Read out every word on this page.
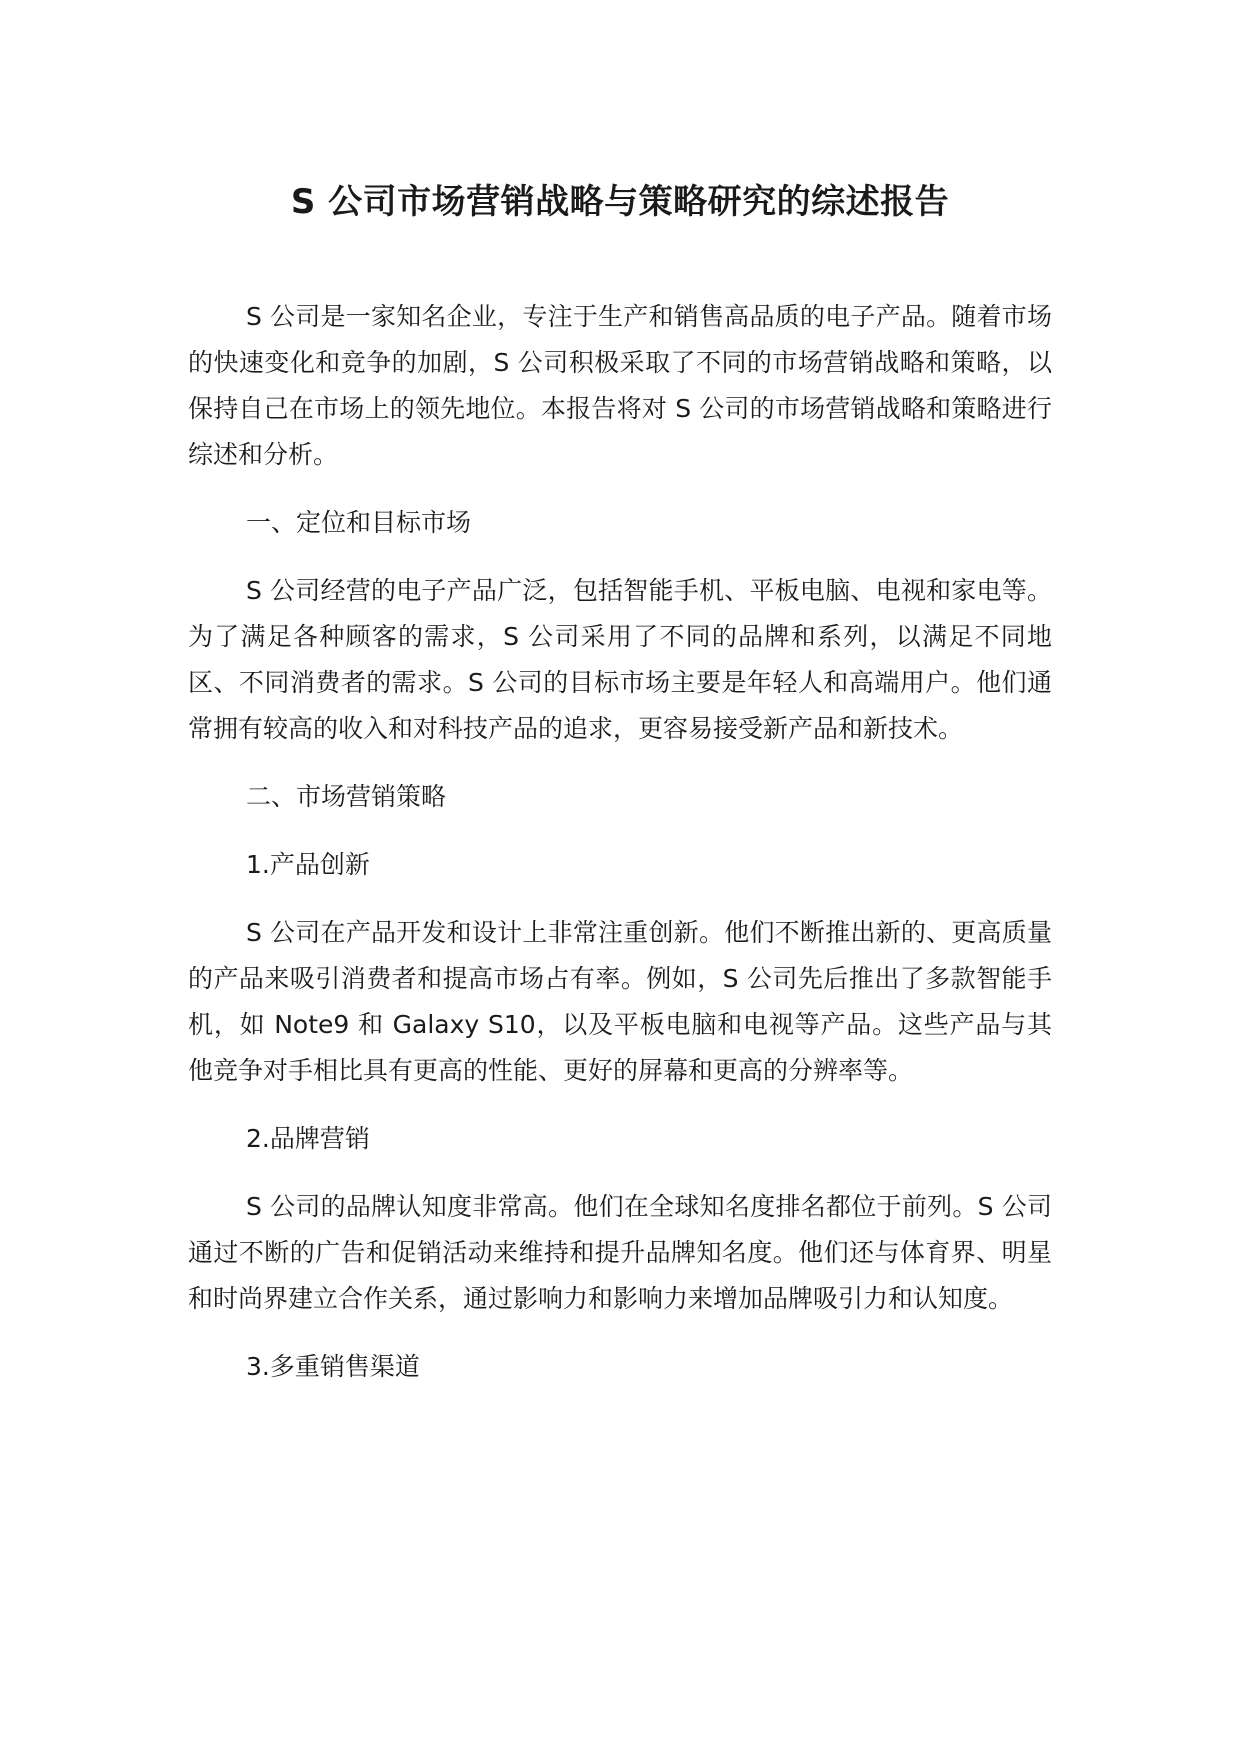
S 公司市场营销战略与策略研究的综述报告

S 公司是一家知名企业，专注于生产和销售高品质的电子产品。随着市场的快速变化和竞争的加剧，S 公司积极采取了不同的市场营销战略和策略，以保持自己在市场上的领先地位。本报告将对 S 公司的市场营销战略和策略进行综述和分析。

一、定位和目标市场

S 公司经营的电子产品广泛，包括智能手机、平板电脑、电视和家电等。为了满足各种顾客的需求，S 公司采用了不同的品牌和系列，以满足不同地区、不同消费者的需求。S 公司的目标市场主要是年轻人和高端用户。他们通常拥有较高的收入和对科技产品的追求，更容易接受新产品和新技术。

二、市场营销策略

1.产品创新

S 公司在产品开发和设计上非常注重创新。他们不断推出新的、更高质量的产品来吸引消费者和提高市场占有率。例如，S 公司先后推出了多款智能手机，如 Note9 和 Galaxy S10，以及平板电脑和电视等产品。这些产品与其他竞争对手相比具有更高的性能、更好的屏幕和更高的分辨率等。

2.品牌营销

S 公司的品牌认知度非常高。他们在全球知名度排名都位于前列。S 公司通过不断的广告和促销活动来维持和提升品牌知名度。他们还与体育界、明星和时尚界建立合作关系，通过影响力和影响力来增加品牌吸引力和认知度。

3.多重销售渠道
